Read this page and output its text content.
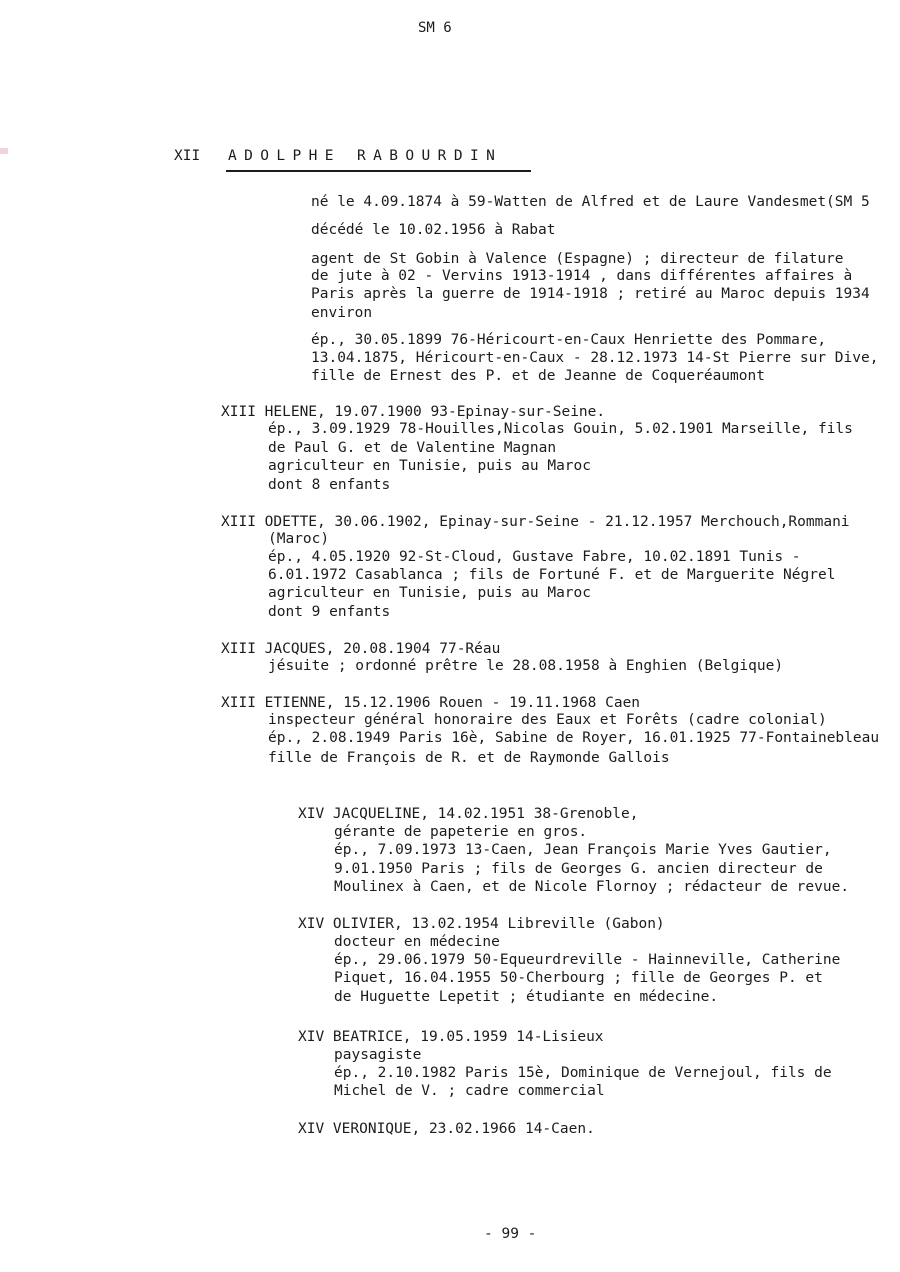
SM 6
XII ADOLPHE RABOURDIN
né le 4.09.1874 à 59-Watten de Alfred et de Laure Vandesmet(SM 5
décédé le 10.02.1956 à Rabat
agent de St Gobin à Valence (Espagne) ; directeur de filature
de jute à 02 - Vervins 1913-1914 , dans différentes affaires à
Paris après la guerre de 1914-1918 ; retiré au Maroc depuis 1934
environ
ép., 30.05.1899 76-Héricourt-en-Caux Henriette des Pommare,
13.04.1875, Héricourt-en-Caux - 28.12.1973 14-St Pierre sur Dive,
fille de Ernest des P. et de Jeanne de Coqueréaumont
XIII HELENE, 19.07.1900 93-Epinay-sur-Seine.
ép., 3.09.1929 78-Houilles,Nicolas Gouin, 5.02.1901 Marseille, fils
de Paul G. et de Valentine Magnan
agriculteur en Tunisie, puis au Maroc
dont 8 enfants
XIII ODETTE, 30.06.1902, Epinay-sur-Seine - 21.12.1957 Merchouch,Rommani
(Maroc)
ép., 4.05.1920 92-St-Cloud, Gustave Fabre, 10.02.1891 Tunis -
6.01.1972 Casablanca ; fils de Fortuné F. et de Marguerite Négrel
agriculteur en Tunisie, puis au Maroc
dont 9 enfants
XIII JACQUES, 20.08.1904 77-Réau
jésuite ; ordonné prêtre le 28.08.1958 à Enghien (Belgique)
XIII ETIENNE, 15.12.1906 Rouen - 19.11.1968 Caen
inspecteur général honoraire des Eaux et Forêts (cadre colonial)
ép., 2.08.1949 Paris 16è, Sabine de Royer, 16.01.1925 77-Fontainebleau
fille de François de R. et de Raymonde Gallois
XIV JACQUELINE, 14.02.1951 38-Grenoble,
gérante de papeterie en gros.
ép., 7.09.1973 13-Caen, Jean François Marie Yves Gautier,
9.01.1950 Paris ; fils de Georges G. ancien directeur de
Moulinex à Caen, et de Nicole Flornoy ; rédacteur de revue.
XIV OLIVIER, 13.02.1954 Libreville (Gabon)
docteur en médecine
ép., 29.06.1979 50-Equeurdreville - Hainneville, Catherine
Piquet, 16.04.1955 50-Cherbourg ; fille de Georges P. et
de Huguette Lepetit ; étudiante en médecine.
XIV BEATRICE, 19.05.1959 14-Lisieux
paysagiste
ép., 2.10.1982 Paris 15è, Dominique de Vernejoul, fils de
Michel de V. ; cadre commercial
XIV VERONIQUE, 23.02.1966 14-Caen.
- 99 -
